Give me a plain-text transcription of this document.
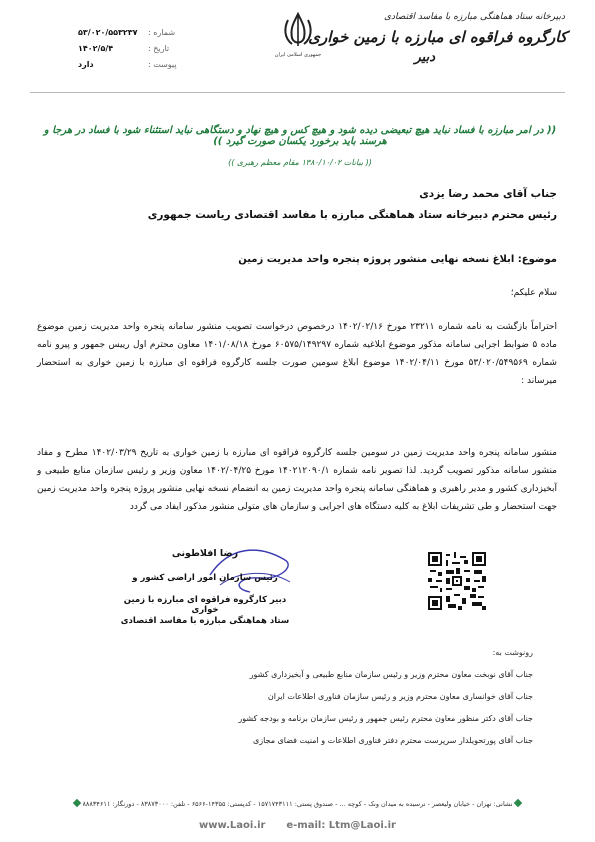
دبیرخانه ستاد هماهنگی مبارزه با مفاسد اقتصادی
کارگروه فراقوه ای مبارزه با زمین خواری
دبیر
جمهوری اسلامی ایران
شماره :
۵۳/۰۲۰/۵۵۳۲۳۷
تاریخ :
۱۴۰۲/۵/۴
پیوست :
دارد
(( در امر مبارزه با فساد نباید هیچ تبعیضی دیده شود و هیچ کس و هیچ نهاد و دستگاهی نباید استثناء شود با فساد در هرجا و هرسند باید برخورد یکسان صورت گیرد ))
(( بیانات ۱۳۸۰/۱۰/۰۲ مقام معظم رهبری ))
جناب آقای محمد رضا یزدی
رئیس محترم دبیرخانه ستاد هماهنگی مبارزه با مفاسد اقتصادی ریاست جمهوری
موضوع: ابلاغ نسخه نهایی منشور پروژه پنجره واحد مدیریت زمین
سلام علیکم؛
احتراماً بازگشت به نامه شماره ۲۳۲۱۱ مورخ ۱۴۰۲/۰۲/۱۶ درخصوص درخواست تصویب منشور سامانه پنجره واحد مدیریت زمین موضوع ماده ۵ ضوابط اجرایی سامانه مذکور موضوع ابلاغیه شماره ۶۰۵۷۵/۱۴۹۲۹۷ مورخ ۱۴۰۱/۰۸/۱۸ معاون محترم اول رییس جمهور و پیرو نامه شماره ۵۳/۰۲۰/۵۴۹۵۶۹ مورخ ۱۴۰۲/۰۴/۱۱ موضوع ابلاغ سومین صورت جلسه کارگروه فراقوه ای مبارزه با زمین خواری به استحضار میرساند :
منشور سامانه پنجره واحد مدیریت زمین در سومین جلسه کارگروه فراقوه ای مبارزه با زمین خواری به تاریخ ۱۴۰۲/۰۳/۲۹ مطرح و مفاد منشور سامانه مذکور تصویب گردید. لذا تصویر نامه شماره ۱۴۰۲۱۲۰۹۰/۱ مورخ ۱۴۰۲/۰۴/۲۵ معاون وزیر و رئیس سازمان منابع طبیعی و آبخیزداری کشور و مدیر راهبری و هماهنگی سامانه پنجره واحد مدیریت زمین به انضمام نسخه نهایی منشور پروژه پنجره واحد مدیریت زمین جهت استحضار و طی تشریفات ابلاغ به کلیه دستگاه های اجرایی و سازمان های متولی منشور مذکور ایفاد می گردد
رضا افلاطونی
رئیس سازمان امور اراضی کشور و
دبیر کارگروه فراقوه ای مبارزه با زمین خواری
ستاد هماهنگی مبارزه با مفاسد اقتصادی
رونوشت به:
جناب آقای نوبخت معاون محترم وزیر و رئیس سازمان منابع طبیعی و آبخیزداری کشور
جناب آقای خوانساری معاون محترم وزیر و رئیس سازمان فناوری اطلاعات ایران
جناب آقای دکتر منظور معاون محترم رئیس جمهور و رئیس سازمان برنامه و بودجه کشور
جناب آقای پورتحویلدار سرپرست محترم دفتر فناوری اطلاعات و امنیت فضای مجازی
نشانی: تهران - خیابان ولیعصر - نرسیده به میدان ونک - کوچه ... - صندوق پستی: ۱۵۷۱۷۴۳۱۱۱ - کدپستی: ۱۴۳۵۵-۶۵۶۶ - تلفن: ۸۳۸۷۳۰۰۰ - دورنگار: ۸۸۸۳۴۶۱۱
www.Laoi.ir e-mail: Ltm@Laoi.ir
